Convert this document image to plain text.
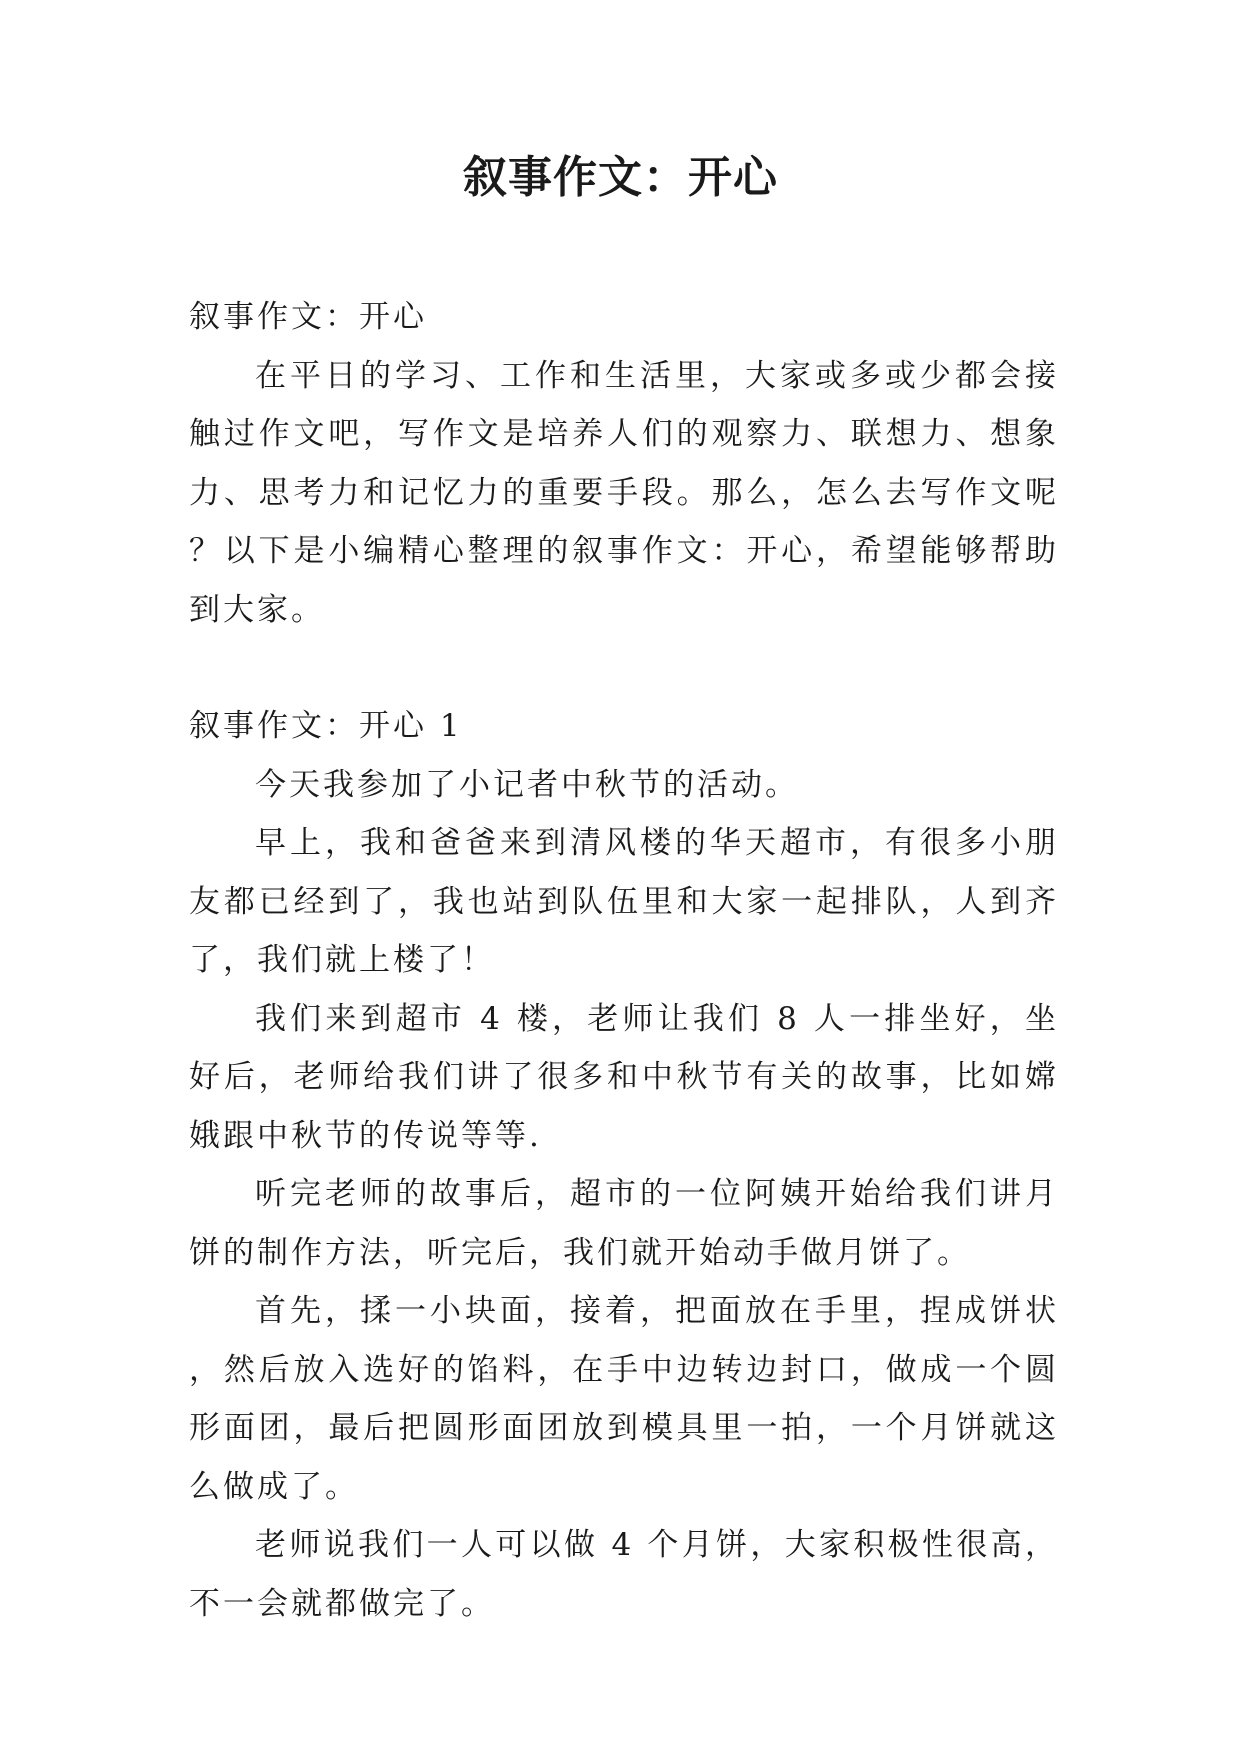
叙事作文：开心

叙事作文：开心

在平日的学习、工作和生活里，大家或多或少都会接触过作文吧，写作文是培养人们的观察力、联想力、想象力、思考力和记忆力的重要手段。那么，怎么去写作文呢？以下是小编精心整理的叙事作文：开心，希望能够帮助到大家。

叙事作文：开心 1

今天我参加了小记者中秋节的活动。

早上，我和爸爸来到清风楼的华天超市，有很多小朋友都已经到了，我也站到队伍里和大家一起排队，人到齐了，我们就上楼了！

我们来到超市 4 楼，老师让我们 8 人一排坐好，坐好后，老师给我们讲了很多和中秋节有关的故事，比如嫦娥跟中秋节的传说等等.

听完老师的故事后，超市的一位阿姨开始给我们讲月饼的制作方法，听完后，我们就开始动手做月饼了。

首先，揉一小块面，接着，把面放在手里，捏成饼状，然后放入选好的馅料，在手中边转边封口，做成一个圆形面团，最后把圆形面团放到模具里一拍，一个月饼就这么做成了。

老师说我们一人可以做 4 个月饼，大家积极性很高，不一会就都做完了。
